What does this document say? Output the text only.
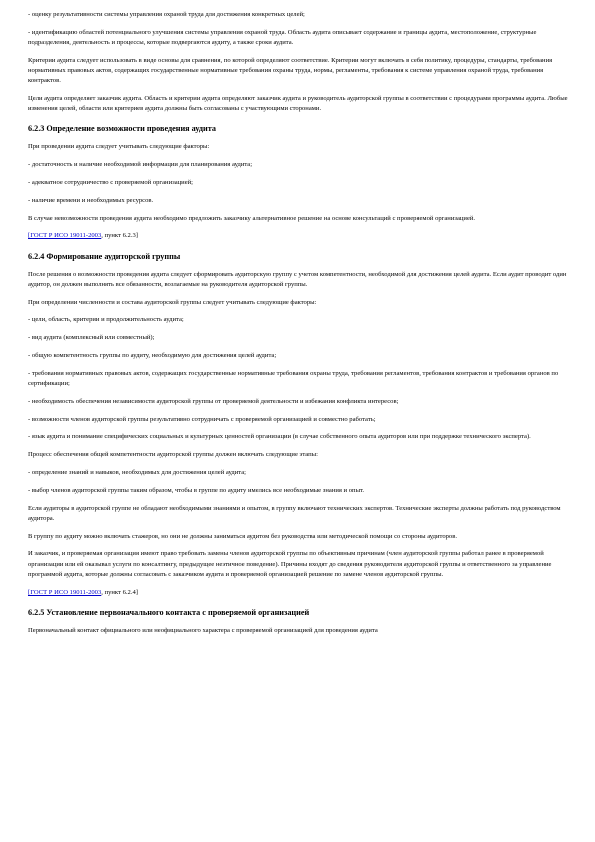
- оценку результативности системы управления охраной труда для достижения конкретных целей;
- идентификацию областей потенциального улучшения системы управления охраной труда. Область аудита описывает содержание и границы аудита, местоположение, структурные подразделения, деятельность и процессы, которые подвергаются аудиту, а также сроки аудита.
Критерии аудита следует использовать в виде основы для сравнения, по которой определяют соответствие. Критерии могут включать в себя политику, процедуры, стандарты, требования нормативных правовых актов, содержащих государственные нормативные требования охраны труда, нормы, регламенты, требования к системе управления охраной труда, требования контрактов.
Цели аудита определяет заказчик аудита. Область и критерии аудита определяют заказчик аудита и руководитель аудиторской группы в соответствии с процедурами программы аудита. Любые изменения целей, области или критериев аудита должны быть согласованы с участвующими сторонами.
6.2.3 Определение возможности проведения аудита
При проведении аудита следует учитывать следующие факторы:
- достаточность и наличие необходимой информации для планирования аудита;
- адекватное сотрудничество с проверяемой организацией;
- наличие времени и необходимых ресурсов.
В случае невозможности проведения аудита необходимо предложить заказчику альтернативное решение на основе консультаций с проверяемой организацией.
[ГОСТ Р ИСО 19011-2003, пункт 6.2.3]
6.2.4 Формирование аудиторской группы
После решения о возможности проведения аудита следует сформировать аудиторскую группу с учетом компетентности, необходимой для достижения целей аудита. Если аудит проводит один аудитор, он должен выполнять все обязанности, возлагаемые на руководителя аудиторской группы.
При определении численности и состава аудиторской группы следует учитывать следующие факторы:
- цели, область, критерии и продолжительность аудита;
- вид аудита (комплексный или совместный);
- общую компетентность группы по аудиту, необходимую для достижения целей аудита;
- требования нормативных правовых актов, содержащих государственные нормативные требования охраны труда, требования регламентов, требования контрактов и требования органов по сертификации;
- необходимость обеспечения независимости аудиторской группы от проверяемой деятельности и избежания конфликта интересов;
- возможности членов аудиторской группы результативно сотрудничать с проверяемой организацией и совместно работать;
- язык аудита и понимание специфических социальных и культурных ценностей организации (в случае собственного опыта аудиторов или при поддержке технического эксперта).
Процесс обеспечения общей компетентности аудиторской группы должен включать следующие этапы:
- определение знаний и навыков, необходимых для достижения целей аудита;
- выбор членов аудиторской группы таким образом, чтобы в группе по аудиту имелись все необходимые знания и опыт.
Если аудиторы в аудиторской группе не обладают необходимыми знаниями и опытом, в группу включают технических экспертов. Технические эксперты должны работать под руководством аудитора.
В группу по аудиту можно включать стажеров, но они не должны заниматься аудитом без руководства или методической помощи со стороны аудиторов.
И заказчик, и проверяемая организация имеют право требовать замены членов аудиторской группы по объективным причинам (член аудиторской группы работал ранее в проверяемой организации или ей оказывал услуги по консалтингу, предыдущее неэтичное поведение). Причины входят до сведения руководителя аудиторской группы и ответственного за управление программой аудита, которые должны согласовать с заказчиком аудита и проверяемой организацией решение по замене членов аудиторской группы.
[ГОСТ Р ИСО 19011-2003, пункт 6.2.4]
6.2.5 Установление первоначального контакта с проверяемой организацией
Первоначальный контакт официального или неофициального характера с проверяемой организацией для проведения аудита
